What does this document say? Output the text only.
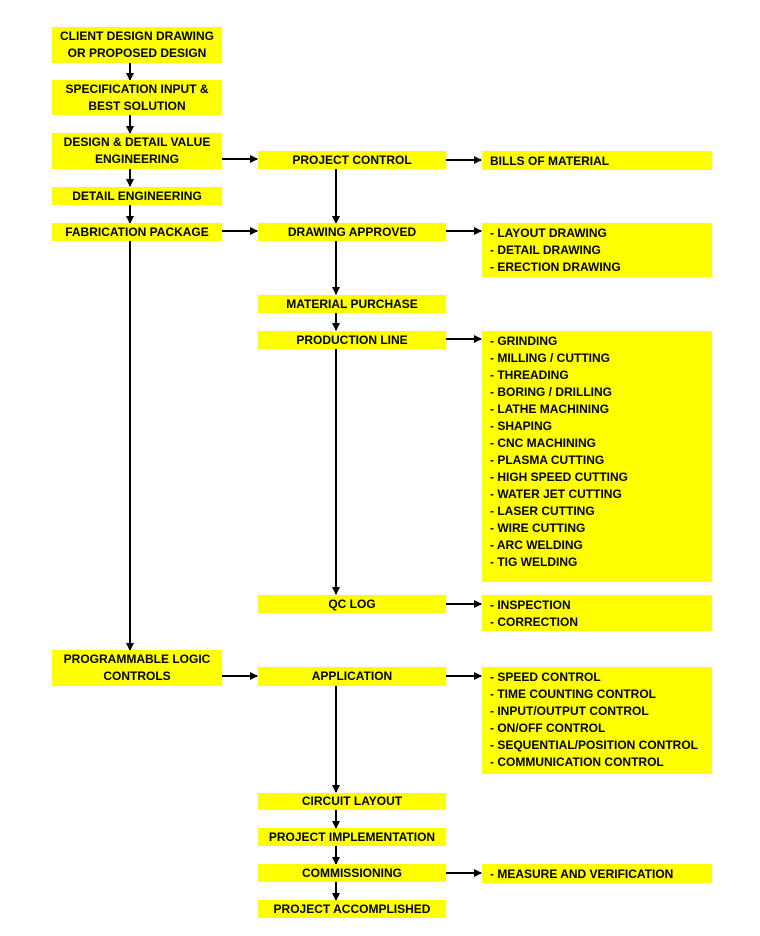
CLIENT DESIGN DRAWING
OR PROPOSED DESIGN
SPECIFICATION INPUT &
BEST SOLUTION
DESIGN & DETAIL VALUE
ENGINEERING
DETAIL ENGINEERING
FABRICATION PACKAGE
PROGRAMMABLE LOGIC
CONTROLS
PROJECT CONTROL
DRAWING APPROVED
MATERIAL PURCHASE
PRODUCTION LINE
QC LOG
APPLICATION
CIRCUIT LAYOUT
PROJECT IMPLEMENTATION
COMMISSIONING
PROJECT ACCOMPLISHED
BILLS OF MATERIAL
- LAYOUT DRAWING
- DETAIL DRAWING
- ERECTION DRAWING
- GRINDING
- MILLING / CUTTING
- THREADING
- BORING / DRILLING
- LATHE MACHINING
- SHAPING
- CNC MACHINING
- PLASMA CUTTING
- HIGH SPEED CUTTING
- WATER JET CUTTING
- LASER CUTTING
- WIRE CUTTING
- ARC WELDING
- TIG WELDING
- INSPECTION
- CORRECTION
- SPEED CONTROL
- TIME COUNTING CONTROL
- INPUT/OUTPUT CONTROL
- ON/OFF CONTROL
- SEQUENTIAL/POSITION CONTROL
- COMMUNICATION CONTROL
- MEASURE AND VERIFICATION
